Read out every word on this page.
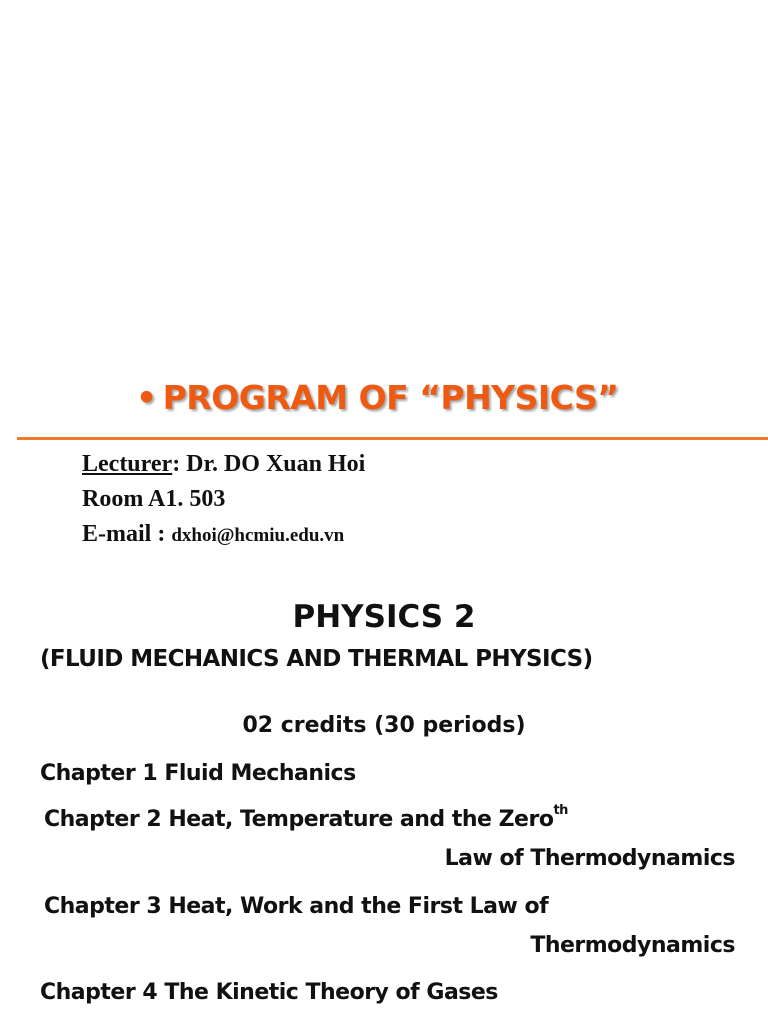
• PROGRAM OF “PHYSICS”
Lecturer: Dr. DO Xuan Hoi
Room A1. 503
E-mail : dxhoi@hcmiu.edu.vn
PHYSICS 2
(FLUID MECHANICS AND THERMAL PHYSICS)
02 credits (30 periods)
Chapter 1 Fluid Mechanics
Chapter 2 Heat, Temperature and the Zero$^{th}$
Law of Thermodynamics
Chapter 3 Heat, Work and the First Law of
Thermodynamics
Chapter 4 The Kinetic Theory of Gases
